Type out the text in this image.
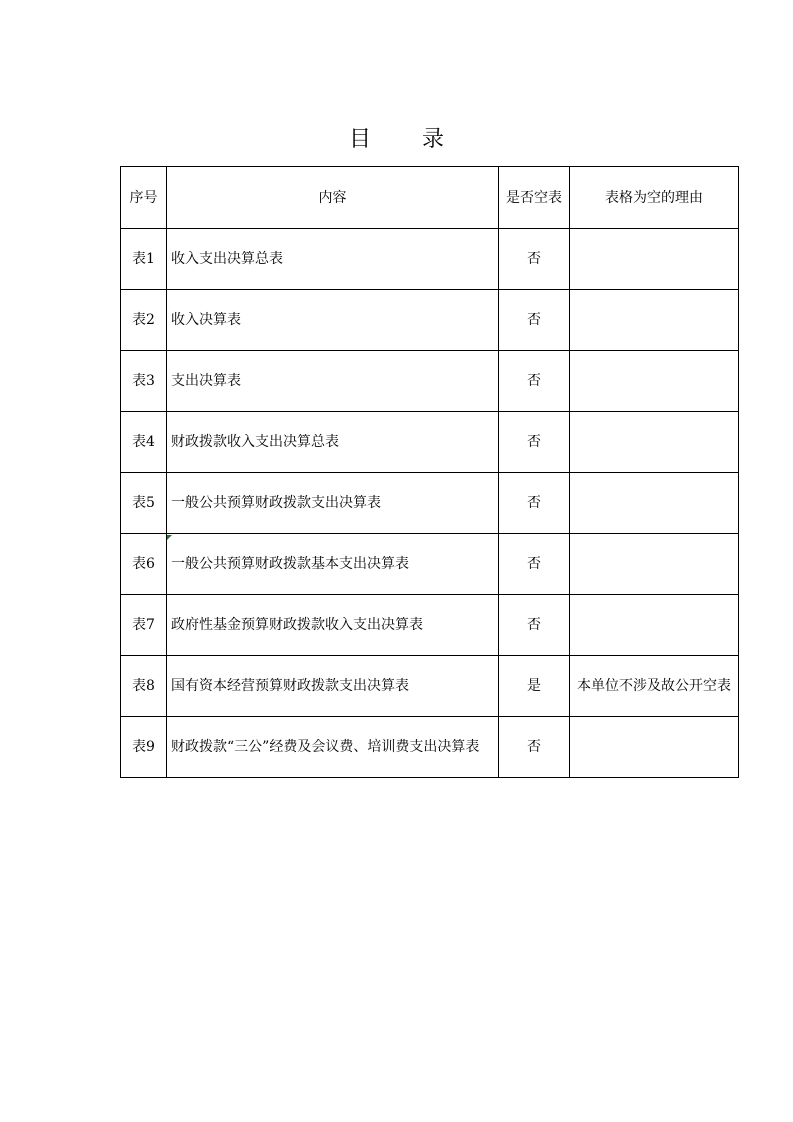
目 录
序号	内容	是否空表	表格为空的理由
表1	收入支出决算总表	否	
表2	收入决算表	否	
表3	支出决算表	否	
表4	财政拨款收入支出决算总表	否	
表5	一般公共预算财政拨款支出决算表	否	
表6	一般公共预算财政拨款基本支出决算表	否	
表7	政府性基金预算财政拨款收入支出决算表	否	
表8	国有资本经营预算财政拨款支出决算表	是	本单位不涉及故公开空表
表9	财政拨款“三公”经费及会议费、培训费支出决算表	否	
